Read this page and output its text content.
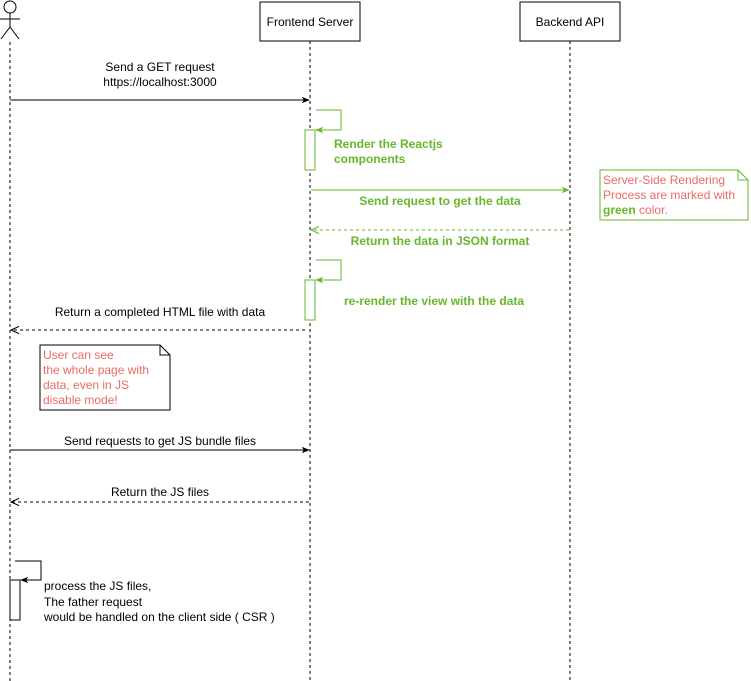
Frontend Server	Backend API
Send a GET request
https://localhost:3000
Render the Reactjs
components
Send request to get the data
Return the data in JSON format
re-render the view with the data
Return a completed HTML file with data
User can see
the whole page with
data, even in JS
disable mode!
Server-Side Rendering
Process are marked with
green color.
Send requests to get JS bundle files
Return the JS files
process the JS files,
The father request
would be handled on the client side ( CSR )
